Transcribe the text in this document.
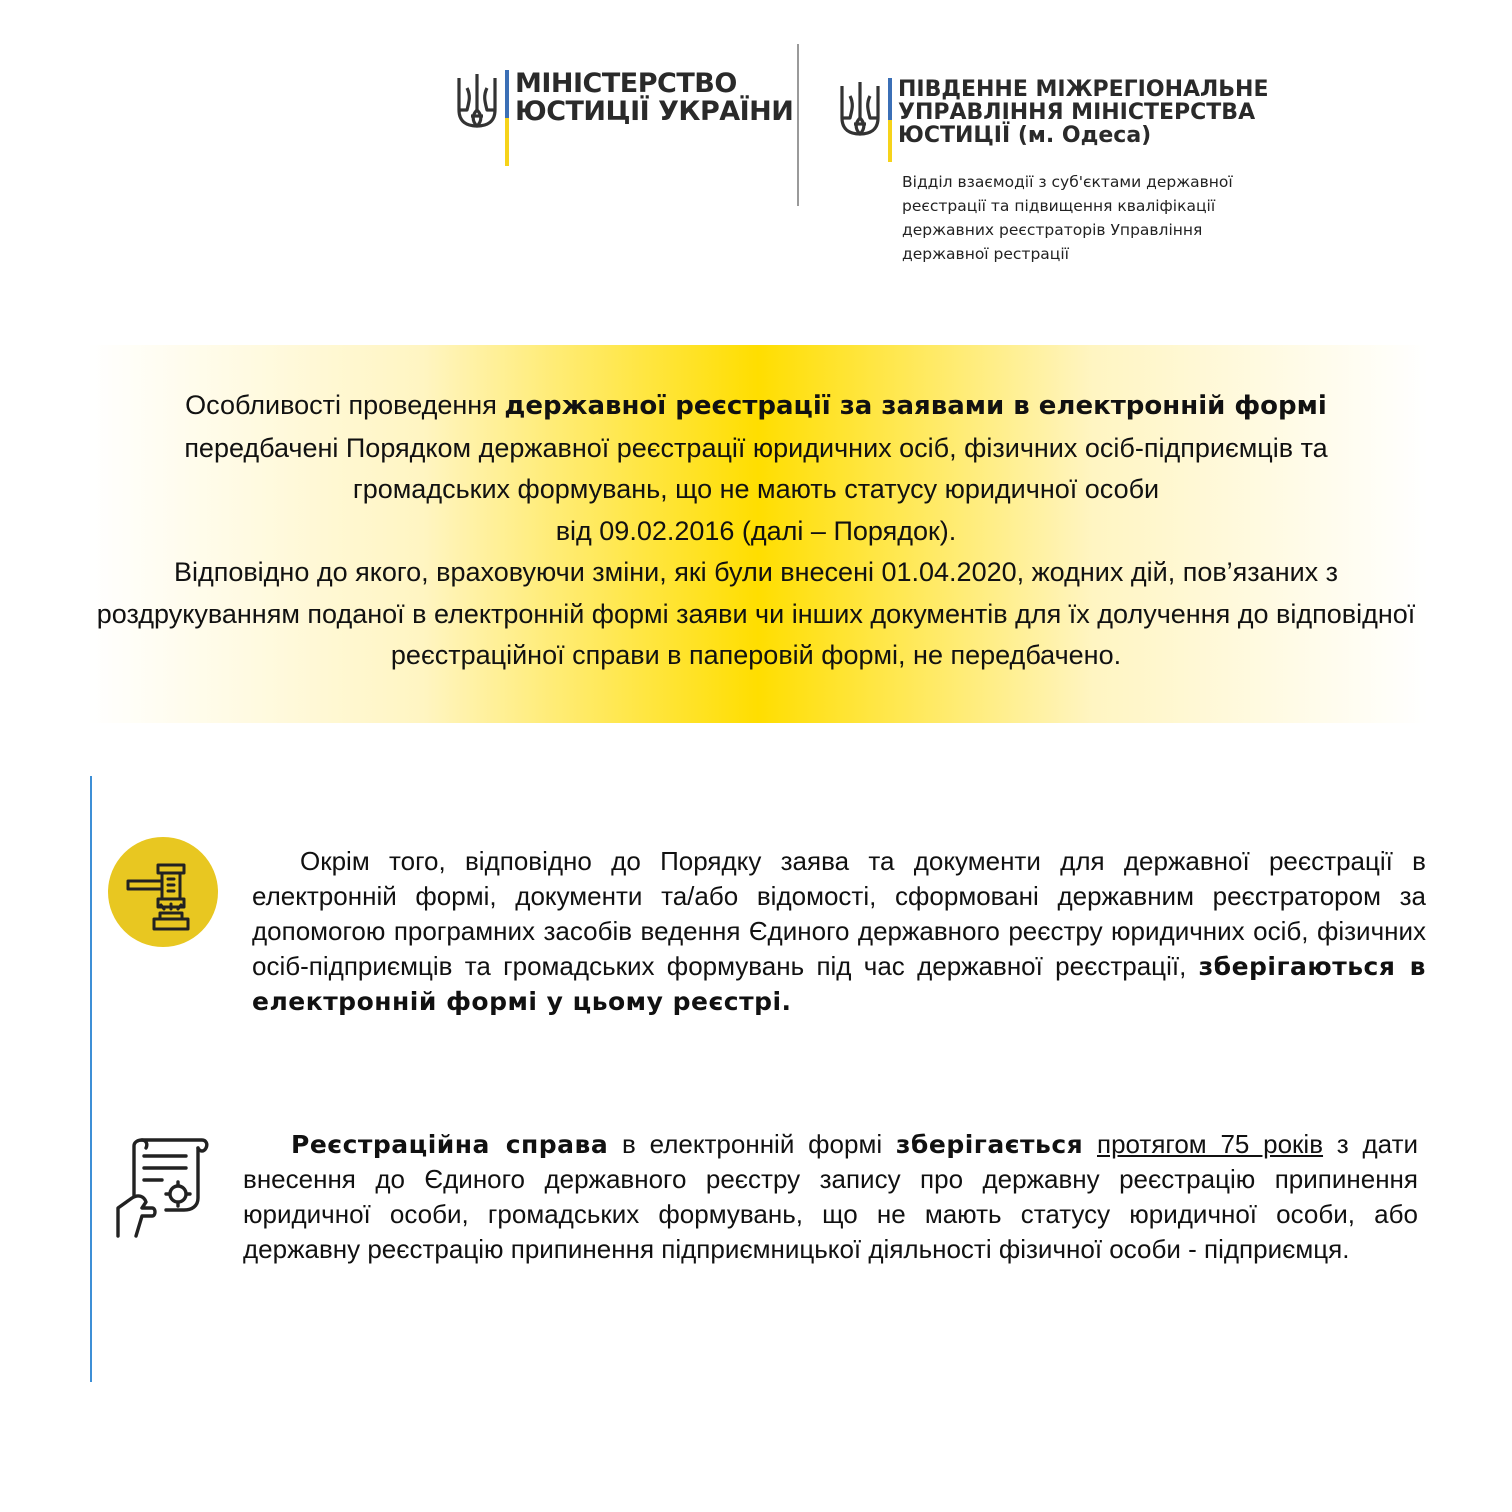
МІНІСТЕРСТВО
ЮСТИЦІЇ УКРАЇНИ
ПІВДЕННЕ МІЖРЕГІОНАЛЬНЕ
УПРАВЛІННЯ МІНІСТЕРСТВА
ЮСТИЦІЇ (м. Одеса)
Відділ взаємодії з суб'єктами державної
реєстрації та підвищення кваліфікації
державних реєстраторів Управління
державної рестрації
Особливості проведення державної реєстрації за заявами в електронній формі передбачені Порядком державної реєстрації юридичних осіб, фізичних осіб-підприємців та громадських формувань, що не мають статусу юридичної особи
від 09.02.2016 (далі – Порядок).
Відповідно до якого, враховуючи зміни, які були внесені 01.04.2020, жодних дій, пов’язаних з роздрукуванням поданої в електронній формі заяви чи інших документів для їх долучення до відповідної реєстраційної справи в паперовій формі, не передбачено.
Окрім того, відповідно до Порядку заява та документи для державної реєстрації в електронній формі, документи та/або відомості, сформовані державним реєстратором за допомогою програмних засобів ведення Єдиного державного реєстру юридичних осіб, фізичних осіб-підприємців та громадських формувань під час державної реєстрації, зберігаються в електронній формі у цьому реєстрі.
Реєстраційна справа в електронній формі зберігається протягом 75 років з дати внесення до Єдиного державного реєстру запису про державну реєстрацію припинення юридичної особи, громадських формувань, що не мають статусу юридичної особи, або державну реєстрацію припинення підприємницької діяльності фізичної особи - підприємця.
